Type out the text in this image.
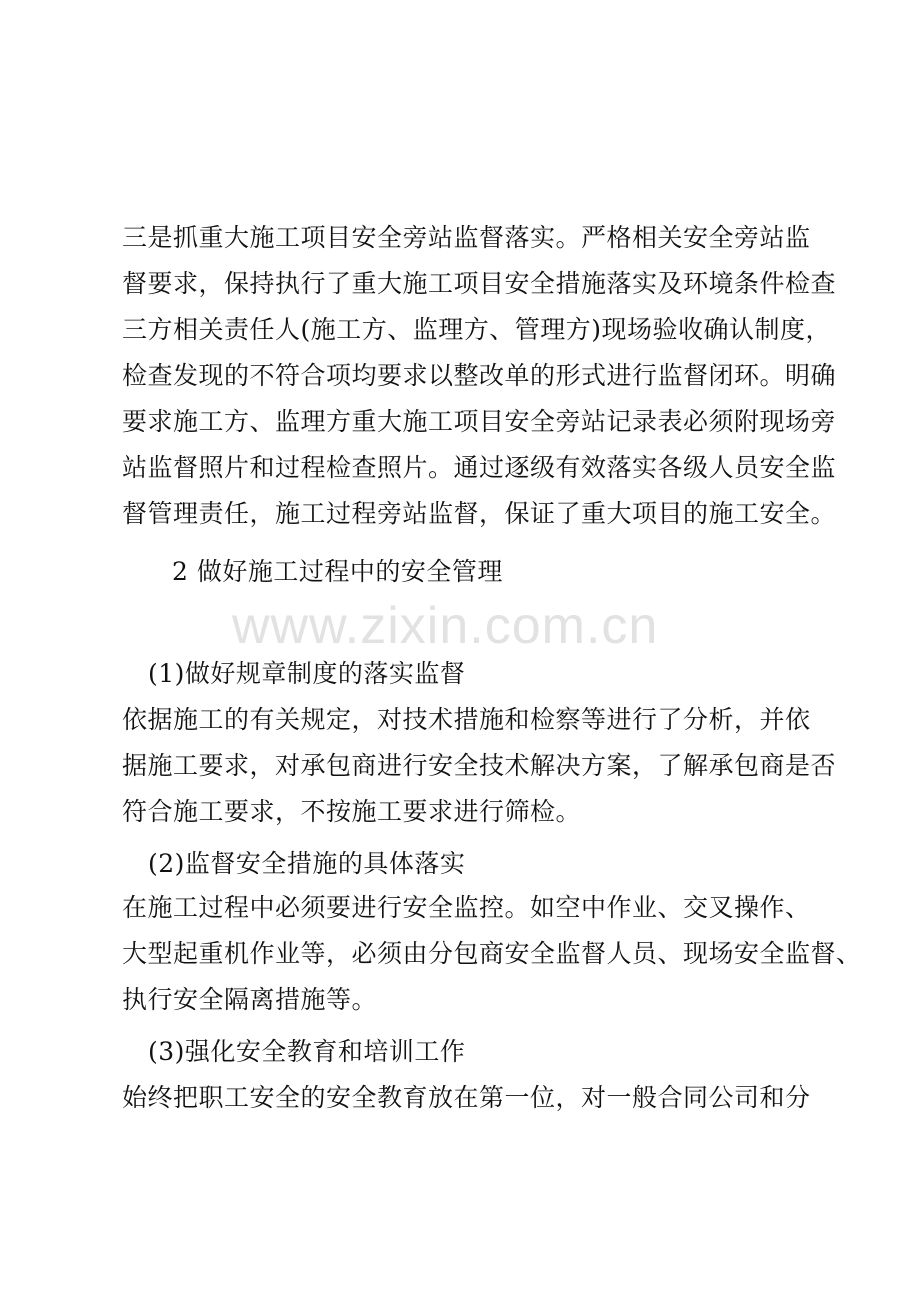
www.zixin.com.cn
三是抓重大施工项目安全旁站监督落实。严格相关安全旁站监
督要求，保持执行了重大施工项目安全措施落实及环境条件检查
三方相关责任人(施工方、监理方、管理方)现场验收确认制度，
检查发现的不符合项均要求以整改单的形式进行监督闭环。明确
要求施工方、监理方重大施工项目安全旁站记录表必须附现场旁
站监督照片和过程检查照片。通过逐级有效落实各级人员安全监
督管理责任，施工过程旁站监督，保证了重大项目的施工安全。
2 做好施工过程中的安全管理
(1)做好规章制度的落实监督
依据施工的有关规定，对技术措施和检察等进行了分析，并依
据施工要求，对承包商进行安全技术解决方案，了解承包商是否
符合施工要求，不按施工要求进行筛检。
(2)监督安全措施的具体落实
在施工过程中必须要进行安全监控。如空中作业、交叉操作、
大型起重机作业等，必须由分包商安全监督人员、现场安全监督、
执行安全隔离措施等。
(3)强化安全教育和培训工作
始终把职工安全的安全教育放在第一位，对一般合同公司和分
